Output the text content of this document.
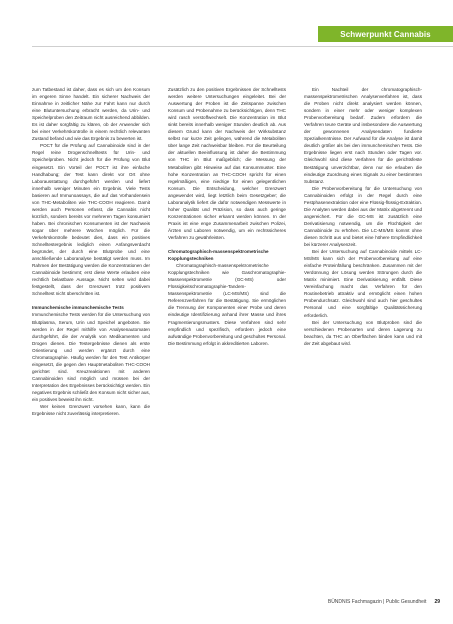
Schwerpunkt Cannabis

zum Tatbestand ist daher, dass es sich um den Konsum im engeren Sinne handelt. Ein sicherer Nachweis der Einnahme in zeitlicher Nähe zur Fahrt kann nur durch eine Blutuntersuchung erbracht werden, da Urin- und Speichelproben den Zeitraum nicht ausreichend abbilden. Es ist daher sorgfältig zu klären, ob der Anwender sich bei einer Verkehrskontrolle in einem rechtlich relevanten Zustand befand und wie das Ergebnis zu bewerten ist.

POCT für die Prüfung auf Cannabinoide sind in der Regel reine Drogenschnelltests für Urin- und Speichelproben. Nicht jedoch für die Prüfung von Blut eingesetzt. Ein Vorteil der POCT ist ihre einfache Handhabung; der Test kann direkt vor Ort ohne Laborausstattung durchgeführt werden und liefert innerhalb weniger Minuten ein Ergebnis. Viele Tests basieren auf Immunoassays, die auf das Vorhandensein von THC-Metaboliten wie THC-COOH reagieren. Damit werden auch Personen erfasst, die Cannabis nicht kürzlich, sondern bereits vor mehreren Tagen konsumiert haben. Bei chronischen Konsumenten ist der Nachweis sogar über mehrere Wochen möglich. Für die Verkehrskontrolle bedeutet dies, dass ein positives Schnelltestergebnis lediglich einen Anfangsverdacht begründet, der durch eine Blutprobe und eine anschließende Laboranalyse bestätigt werden muss. Im Rahmen der Bestätigung werden die Konzentrationen der Cannabinoide bestimmt; erst diese Werte erlauben eine rechtlich belastbare Aussage. Nicht selten wird dabei festgestellt, dass der Grenzwert trotz positivem Schnelltest nicht überschritten ist.

Immunchemische immunchemische Tests

Immunchemische Tests werden für die Untersuchung von Blutplasma, Serum, Urin und Speichel angeboten. Sie werden in der Regel mithilfe von Analysenautomaten durchgeführt, die der Analytik von Medikamenten und Drogen dienen. Die Testergebnisse dienen als erste Orientierung und werden ergänzt durch eine Chromatographie. Häufig werden für den Test Antikörper eingesetzt, die gegen den Hauptmetaboliten THC-COOH gerichtet sind. Kreuzreaktionen mit anderen Cannabinoiden sind möglich und müssen bei der Interpretation des Ergebnisses berücksichtigt werden. Ein negatives Ergebnis schließt den Konsum nicht sicher aus, ein positives beweist ihn nicht.

Wer keinen Grenzwert vorsehen kann, kann die Ergebnisse nicht zuverlässig interpretieren.

Zusätzlich zu den positiven Ergebnissen der Schnelltests werden weitere Untersuchungen eingeleitet. Bei der Auswertung der Proben ist die Zeitspanne zwischen Konsum und Probenahme zu berücksichtigen, denn THC wird rasch verstoffwechselt. Die Konzentration im Blut sinkt bereits innerhalb weniger Stunden deutlich ab. Aus diesem Grund kann der Nachweis der Wirksubstanz selbst nur kurze Zeit gelingen, während die Metaboliten über lange Zeit nachweisbar bleiben. Für die Beurteilung der aktuellen Beeinflussung ist daher die Bestimmung von THC im Blut maßgeblich; die Messung der Metaboliten gibt Hinweise auf das Konsummuster. Eine hohe Konzentration an THC-COOH spricht für einen regelmäßigen, eine niedrige für einen gelegentlichen Konsum. Die Entscheidung, welcher Grenzwert angewendet wird, liegt letztlich beim Gesetzgeber; die Laboranalytik liefert die dafür notwendigen Messwerte in hoher Qualität und Präzision, so dass auch geringe Konzentrationen sicher erkannt werden können. In der Praxis ist eine enge Zusammenarbeit zwischen Polizei, Ärzten und Laboren notwendig, um ein rechtssicheres Verfahren zu gewährleisten.

Chromatographisch-massenspektrometrische Kopplungstechniken

Chromatographisch-massenspektrometrische Kopplungstechniken wie Gaschromatographie-Massenspektrometrie (GC-MS) oder Flüssigkeitschromatographie-Tandem-Massenspektrometrie (LC-MS/MS) sind die Referenzverfahren für die Bestätigung. Sie ermöglichen die Trennung der Komponenten einer Probe und deren eindeutige Identifizierung anhand ihrer Masse und ihres Fragmentierungsmusters. Diese Verfahren sind sehr empfindlich und spezifisch, erfordern jedoch eine aufwändige Probenvorbereitung und geschultes Personal. Die Bestimmung erfolgt in akkreditierten Laboren.

Ein Nachteil der chromatographisch-massenspektrometrischen Analysenverfahren ist, dass die Proben nicht direkt analysiert werden können, sondern in einer mehr oder weniger komplexen Probenvorbereitung bedarf. Zudem erfordern die Verfahren teure Geräte und insbesondere die Auswertung der gewonnenen Analysendaten fundierte Spezialkenntnisse. Der Aufwand für die Analyse ist damit deutlich größer als bei den immunchemischen Tests. Die Ergebnisse liegen erst nach Stunden oder Tagen vor. Gleichwohl sind diese Verfahren für die gerichtsfeste Bestätigung unverzichtbar, denn nur sie erlauben die eindeutige Zuordnung eines Signals zu einer bestimmten Substanz.

Die Probenvorbereitung für die Untersuchung von Cannabinoiden erfolgt in der Regel durch eine Festphasenextraktion oder eine Flüssig-flüssig-Extraktion. Die Analyten werden dabei aus der Matrix abgetrennt und angereichert. Für die GC-MS ist zusätzlich eine Derivatisierung notwendig, um die Flüchtigkeit der Cannabinoide zu erhöhen. Die LC-MS/MS kommt ohne diesen Schritt aus und bietet eine höhere Empfindlichkeit bei kürzerer Analysenzeit.

Bei der Untersuchung auf Cannabinoide mittels LC-MS/MS kann sich der Probenvorbereitung auf eine einfache Proteinfällung beschränken. Zusammen mit der Verdünnung der Lösung werden Störungen durch die Matrix minimiert. Eine Derivatisierung entfällt. Diese Vereinfachung macht das Verfahren für den Routinebetrieb attraktiv und ermöglicht einen hohen Probendurchsatz. Gleichwohl sind auch hier geschultes Personal und eine sorgfältige Qualitätssicherung erforderlich.

Bei der Untersuchung von Blutproben sind die verschiedenen Probenarten und deren Lagerung zu beachten, da THC an Oberflächen binden kann und mit der Zeit abgebaut wird.

BÜNDNIS Fachmagazin | Public Gesundheit 29
